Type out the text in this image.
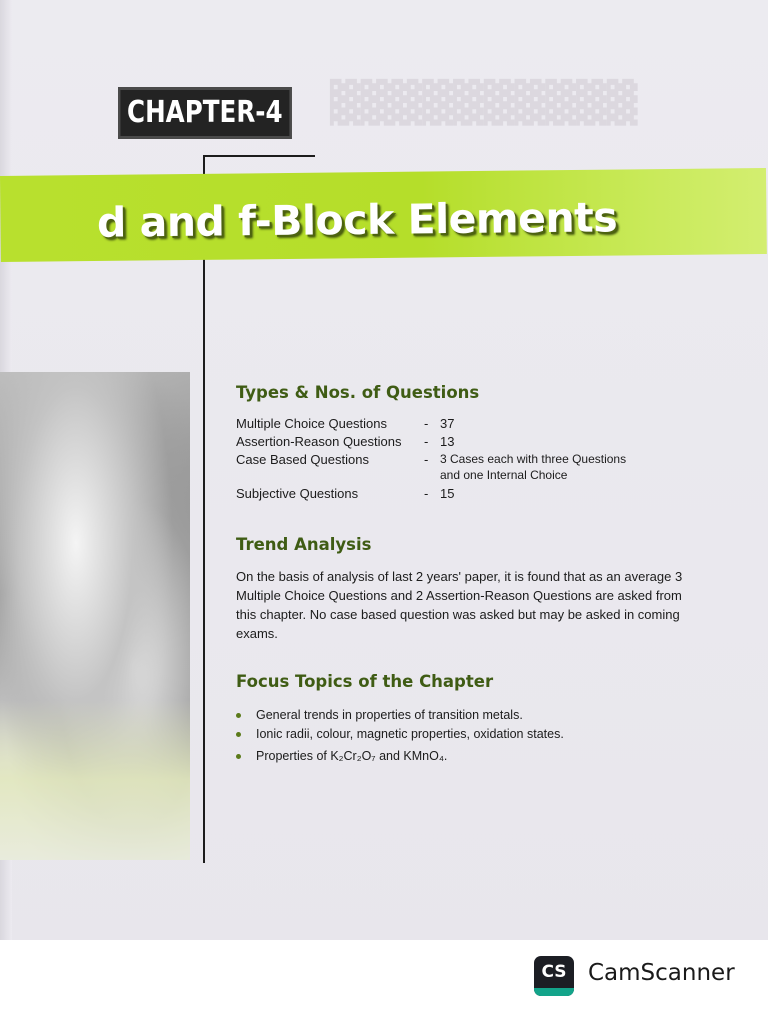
▓▓▓▓▓▓▓▓▓▓
CHAPTER-4
d and f-Block Elements
Types & Nos. of Questions
Multiple Choice Questions	- 37
Assertion-Reason Questions - 13
Case Based Questions	- 3 Cases each with three Questions
and one Internal Choice
Subjective Questions	- 15
Trend Analysis
On the basis of analysis of last 2 years' paper, it is found that as an average 3 Multiple Choice Questions and 2 Assertion-Reason Questions are asked from this chapter. No case based question was asked but may be asked in coming exams.
Focus Topics of the Chapter
General trends in properties of transition metals.
Ionic radii, colour, magnetic properties, oxidation states.
Properties of K₂Cr₂O₇ and KMnO₄.
CS CamScanner
